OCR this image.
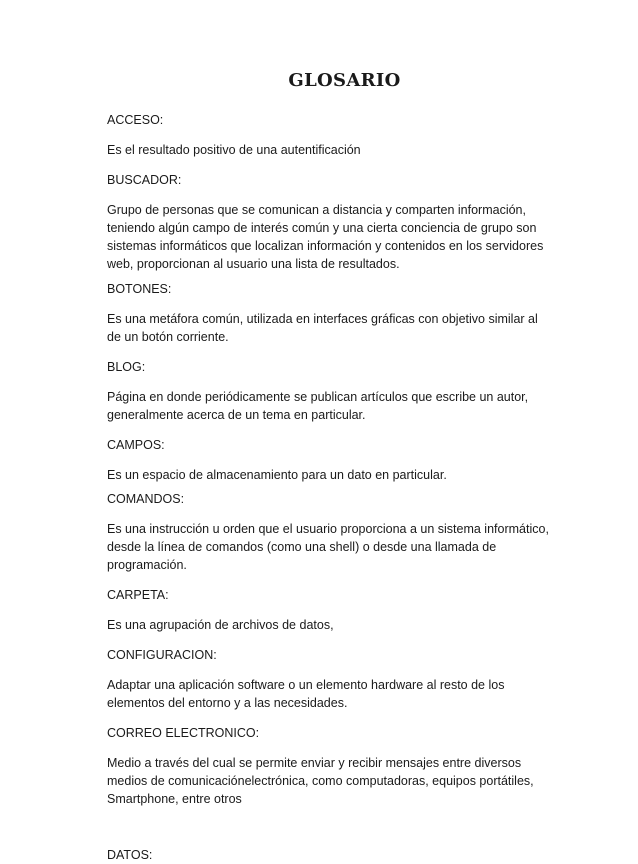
GLOSARIO

ACCESO:

Es el resultado positivo de una autentificación

BUSCADOR:

Grupo de personas que se comunican a distancia y comparten información, teniendo algún campo de interés común y una cierta conciencia de grupo son sistemas informáticos que localizan información y contenidos en los servidores web, proporcionan al usuario una lista de resultados.

BOTONES:

Es una metáfora común, utilizada en interfaces gráficas con objetivo similar al de un botón corriente.

BLOG:

Página en donde periódicamente se publican artículos que escribe un autor, generalmente acerca de un tema en particular.

CAMPOS:

Es un espacio de almacenamiento para un dato en particular.

COMANDOS:

Es una instrucción u orden que el usuario proporciona a un sistema informático, desde la línea de comandos (como una shell) o desde una llamada de programación.

CARPETA:

Es una agrupación de archivos de datos,

CONFIGURACION:

Adaptar una aplicación software o un elemento hardware al resto de los elementos del entorno y a las necesidades.

CORREO ELECTRONICO:

Medio a través del cual se permite enviar y recibir mensajes entre diversos medios de comunicaciónelectrónica, como computadoras, equipos portátiles, Smartphone, entre otros

DATOS:
